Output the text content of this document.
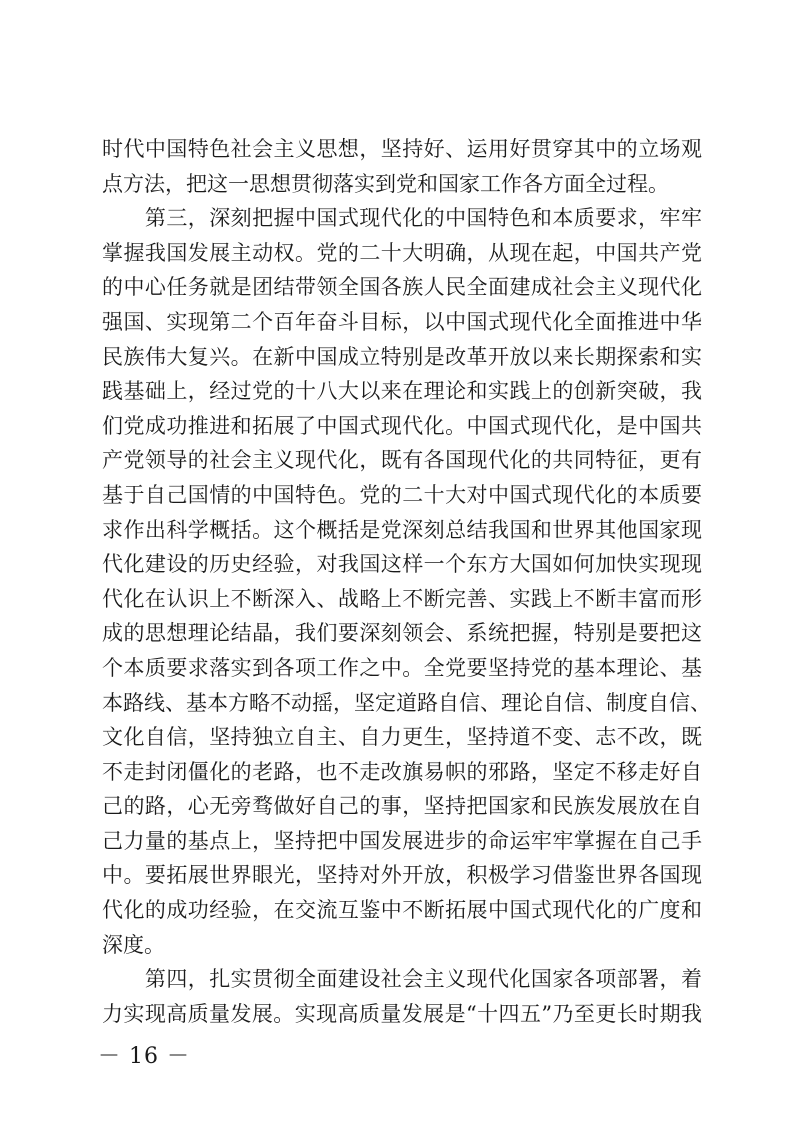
时代中国特色社会主义思想，坚持好、运用好贯穿其中的立场观
点方法，把这一思想贯彻落实到党和国家工作各方面全过程。
　　第三，深刻把握中国式现代化的中国特色和本质要求，牢牢
掌握我国发展主动权。党的二十大明确，从现在起，中国共产党
的中心任务就是团结带领全国各族人民全面建成社会主义现代化
强国、实现第二个百年奋斗目标，以中国式现代化全面推进中华
民族伟大复兴。在新中国成立特别是改革开放以来长期探索和实
践基础上，经过党的十八大以来在理论和实践上的创新突破，我
们党成功推进和拓展了中国式现代化。中国式现代化，是中国共
产党领导的社会主义现代化，既有各国现代化的共同特征，更有
基于自己国情的中国特色。党的二十大对中国式现代化的本质要
求作出科学概括。这个概括是党深刻总结我国和世界其他国家现
代化建设的历史经验，对我国这样一个东方大国如何加快实现现
代化在认识上不断深入、战略上不断完善、实践上不断丰富而形
成的思想理论结晶，我们要深刻领会、系统把握，特别是要把这
个本质要求落实到各项工作之中。全党要坚持党的基本理论、基
本路线、基本方略不动摇，坚定道路自信、理论自信、制度自信、
文化自信，坚持独立自主、自力更生，坚持道不变、志不改，既
不走封闭僵化的老路，也不走改旗易帜的邪路，坚定不移走好自
己的路，心无旁骛做好自己的事，坚持把国家和民族发展放在自
己力量的基点上，坚持把中国发展进步的命运牢牢掌握在自己手
中。要拓展世界眼光，坚持对外开放，积极学习借鉴世界各国现
代化的成功经验，在交流互鉴中不断拓展中国式现代化的广度和
深度。
　　第四，扎实贯彻全面建设社会主义现代化国家各项部署，着
力实现高质量发展。实现高质量发展是“十四五”乃至更长时期我
－ 16 －
